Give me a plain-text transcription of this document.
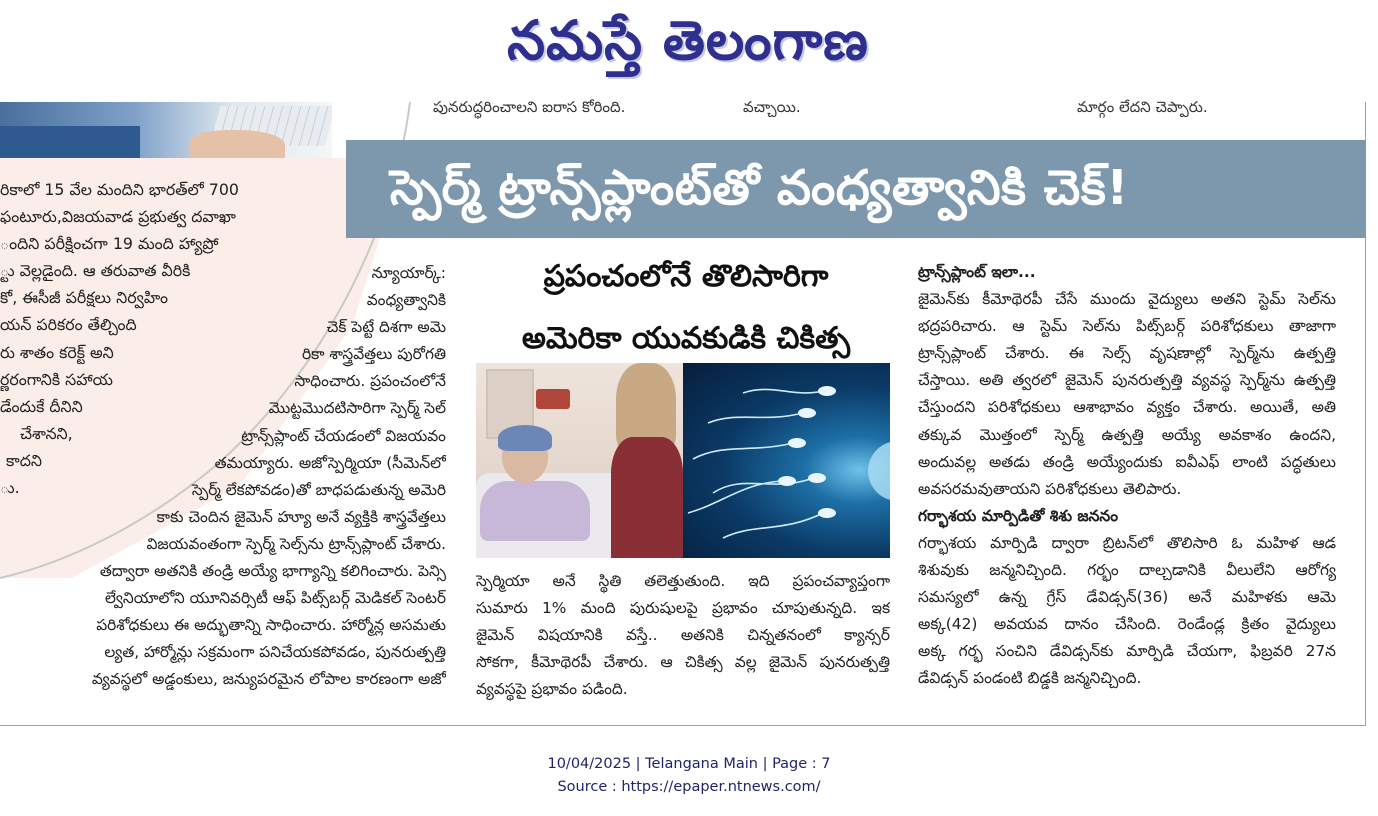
నమస్తే తెలంగాణ
పునరుద్ధరించాలని ఐరాస కోరింది.	వచ్చాయి.	మార్గం లేదని చెప్పారు.
స్పెర్మ్ ట్రాన్స్‌ప్లాంట్‌తో వంధ్యత్వానికి చెక్!
రికాలో 15 వేల మందిని భారత్‌లో 700
ఫంటూరు,విజయవాడ ప్రభుత్వ దవాఖా
ందిని పరీక్షించగా 19 మంది హ్యాప్రో
్టు వెల్లడైంది. ఆ తరువాత వీరికి
కో, ఈసీజీ పరీక్షలు నిర్వహిం
యన్ పరికరం తేల్చింది
రు శాతం కరెక్ట్ అని
ర్ణరంగానికి సహాయ
డేందుకే దీనిని
చేశానని,
కాదని
ు.
న్యూయార్క్:
వంధ్యత్వానికి
చెక్ పెట్టే దిశగా అమె
రికా శాస్త్రవేత్తలు పురోగతి
సాధించారు. ప్రపంచంలోనే
మొట్టమొదటిసారిగా స్పెర్మ్ సెల్
ట్రాన్స్‌ప్లాంట్ చేయడంలో విజయవం
తమయ్యారు. అజోస్పెర్మియా (సీమెన్‌లో
స్పెర్మ్ లేకపోవడం)తో బాధపడుతున్న అమెరి
కాకు చెందిన జైమెన్ హ్యూ అనే వ్యక్తికి శాస్త్రవేత్తలు
విజయవంతంగా స్పెర్మ్ సెల్స్‌ను ట్రాన్స్‌ప్లాంట్ చేశారు.
తద్వారా అతనికి తండ్రి అయ్యే భాగ్యాన్ని కలిగించారు. పెన్సి
ల్వేనియాలోని యూనివర్సిటీ ఆఫ్ పిట్స్‌బర్గ్ మెడికల్ సెంటర్
పరిశోధకులు ఈ అద్భుతాన్ని సాధించారు. హార్మోన్ల అసమతు
ల్యత, హార్మోన్లు సక్రమంగా పనిచేయకపోవడం, పునరుత్పత్తి
వ్యవస్థలో అడ్డంకులు, జన్యుపరమైన లోపాల కారణంగా అజో
ప్రపంచంలోనే తొలిసారిగా
అమెరికా యువకుడికి చికిత్స
స్పెర్మియా అనే స్థితి తలెత్తుతుంది. ఇది ప్రపంచవ్యాప్తంగా
సుమారు 1% మంది పురుషులపై ప్రభావం చూపుతున్నది. ఇక
జైమెన్ విషయానికి వస్తే.. అతనికి చిన్నతనంలో క్యాన్సర్
సోకగా, కీమోథెరపీ చేశారు. ఆ చికిత్స వల్ల జైమెన్ పునరుత్పత్తి
వ్యవస్థపై ప్రభావం పడింది.
ట్రాన్స్‌ప్లాంట్ ఇలా...
జైమెన్‌కు కీమోథెరపీ చేసే ముందు వైద్యులు అతని స్టెమ్ సెల్‌ను
భద్రపరిచారు. ఆ స్టెమ్ సెల్‌ను పిట్స్‌బర్గ్ పరిశోధకులు తాజాగా
ట్రాన్స్‌ప్లాంట్ చేశారు. ఈ సెల్స్ వృషణాల్లో స్పెర్మ్‌ను ఉత్పత్తి
చేస్తాయి. అతి త్వరలో జైమెన్ పునరుత్పత్తి వ్యవస్థ స్పెర్మ్‌ను ఉత్పత్తి
చేస్తుందని పరిశోధకులు ఆశాభావం వ్యక్తం చేశారు. అయితే, అతి
తక్కువ మొత్తంలో స్పెర్మ్ ఉత్పత్తి అయ్యే అవకాశం ఉందని,
అందువల్ల అతడు తండ్రి అయ్యేందుకు ఐవీఎఫ్ లాంటి పద్ధతులు
అవసరమవుతాయని పరిశోధకులు తెలిపారు.
గర్భాశయ మార్పిడితో శిశు జననం
గర్భాశయ మార్పిడి ద్వారా బ్రిటన్‌లో తొలిసారి ఓ మహిళ ఆడ
శిశువుకు జన్మనిచ్చింది. గర్భం దాల్చడానికి వీలులేని ఆరోగ్య
సమస్యలో ఉన్న గ్రేస్ డేవిడ్సన్(36) అనే మహిళకు ఆమె
అక్క(42) అవయవ దానం చేసింది. రెండేండ్ల క్రితం వైద్యులు
అక్క గర్భ సంచిని డేవిడ్సన్‌కు మార్పిడి చేయగా, ఫిబ్రవరి 27న
డేవిడ్సన్ పండంటి బిడ్డకి జన్మనిచ్చింది.
10/04/2025 | Telangana Main | Page : 7
Source : https://epaper.ntnews.com/
